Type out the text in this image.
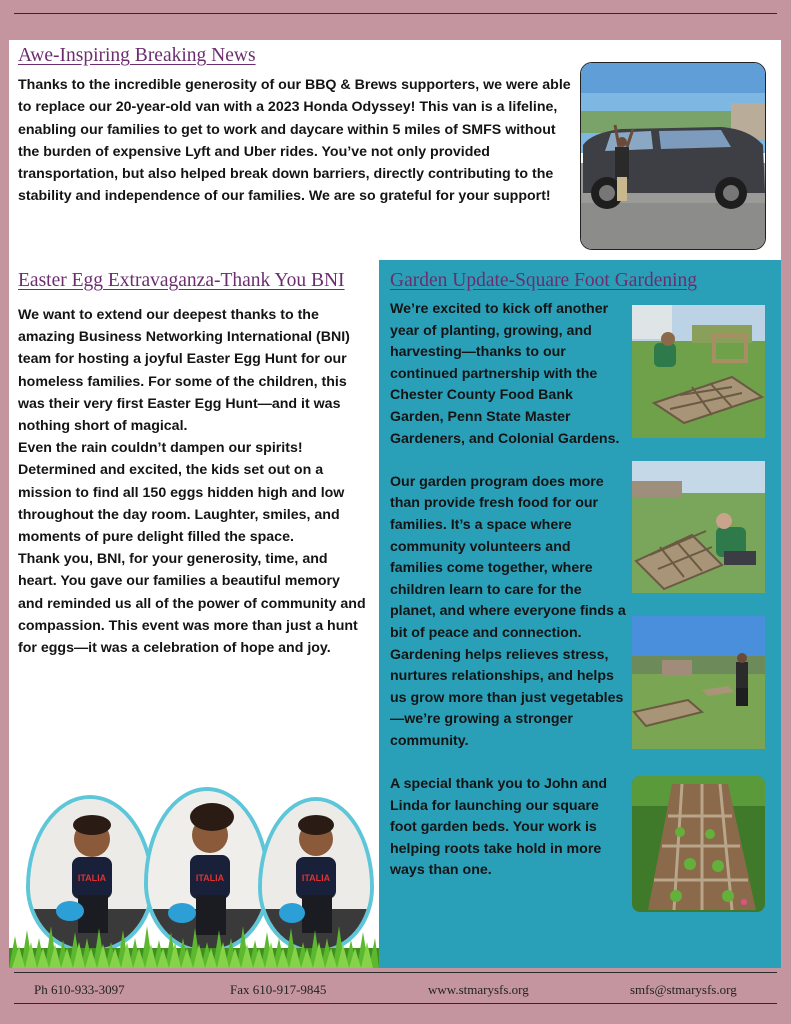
Awe-Inspiring Breaking News

Thanks to the incredible generosity of our BBQ & Brews supporters, we were able to replace our 20-year-old van with a 2023 Honda Odyssey! This van is a lifeline, enabling our families to get to work and daycare within 5 miles of SMFS without the burden of expensive Lyft and Uber rides. You’ve not only provided transportation, but also helped break down barriers, directly contributing to the stability and independence of our families. We are so grateful for your support!

Easter Egg Extravaganza-Thank You BNI

We want to extend our deepest thanks to the amazing Business Networking International (BNI) team for hosting a joyful Easter Egg Hunt for our homeless families. For some of the children, this was their very first Easter Egg Hunt—and it was nothing short of magical.

Even the rain couldn’t dampen our spirits! Determined and excited, the kids set out on a mission to find all 150 eggs hidden high and low throughout the day room. Laughter, smiles, and moments of pure delight filled the space.

Thank you, BNI, for your generosity, time, and heart. You gave our families a beautiful memory and reminded us all of the power of community and compassion. This event was more than just a hunt for eggs—it was a celebration of hope and joy.

ITALIA	ITALIA	ITALIA
Garden Update-Square Foot Gardening

We’re excited to kick off another year of planting, growing, and harvesting—thanks to our continued partnership with the Chester County Food Bank Garden, Penn State Master Gardeners, and Colonial Gardens.

Our garden program does more than provide fresh food for our families. It’s a space where community volunteers and families come together, where children learn to care for the planet, and where everyone finds a bit of peace and connection. Gardening helps relieves stress, nurtures relationships, and helps us grow more than just vegetables—we’re growing a stronger community.

A special thank you to John and Linda for launching our square foot garden beds. Your work is helping roots take hold in more ways than one.

Ph 610-933-3097	Fax 610-917-9845	www.stmarysfs.org	smfs@stmarysfs.org
